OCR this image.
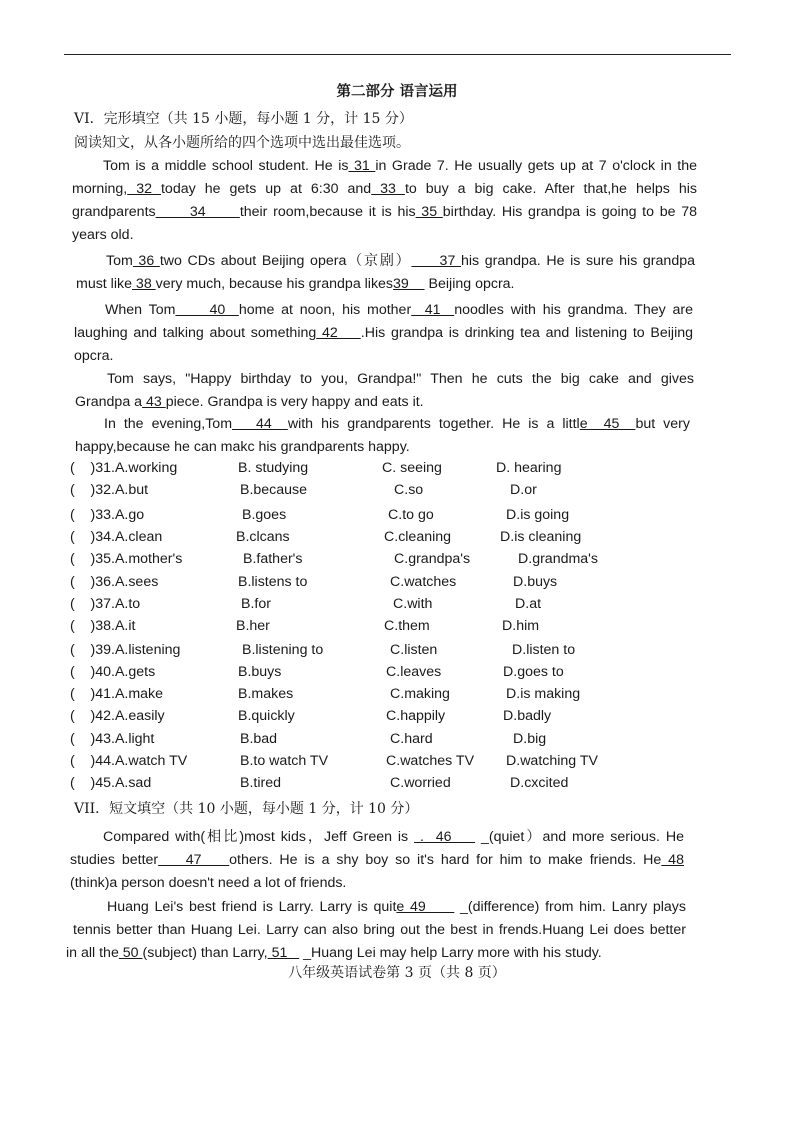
第二部分 语言运用
VI．完形填空（共 15 小题，每小题 1 分，计 15 分）
阅读知文，从各小题所给的四个选项中选出最佳选项。
Tom is a middle school student. He is 31 in Grade 7. He usually gets up at 7 o'clock in the
morning, 32 today he gets up at 6:30 and 33 to buy a big cake. After that,he helps his
grandparents      34      their room,because it is his 35 birthday. His grandpa is going to be 78
years old.
Tom 36 two CDs about Beijing opera（京剧）     37 his grandpa. He is sure his grandpa
must like 38 very much, because his grandpa likes39     Beijing opcra.
When Tom     40  home at noon, his mother  41  noodles with his grandma. They are
laughing and talking about something 42    .His grandpa is drinking tea and listening to Beijing
opcra.
Tom says, "Happy birthday to you, Grandpa!" Then he cuts the big cake and gives
Grandpa a 43 piece. Grandpa is very happy and eats it.
In the evening,Tom   44  with his grandparents together. He is a little  45  but very
happy,because he can makc his grandparents happy.
(    )31.A.working	B. studying	C. seeing	D. hearing
(    )32.A.but	B.because	C.so	D.or
(    )33.A.go	B.goes	C.to go	D.is going
(    )34.A.clean	B.clcans	C.cleaning	D.is cleaning
(    )35.A.mother's	B.father's	C.grandpa's	D.grandma's
(    )36.A.sees	B.listens to	C.watches	D.buys
(    )37.A.to	B.for	C.with	D.at
(    )38.A.it	B.her	C.them	D.him
(    )39.A.listening	B.listening to	C.listen	D.listen to
(    )40.A.gets	B.buys	C.leaves	D.goes to
(    )41.A.make	B.makes	C.making	D.is making
(    )42.A.easily	B.quickly	C.happily	D.badly
(    )43.A.light	B.bad	C.hard	D.big
(    )44.A.watch TV	B.to watch TV	C.watches TV D.watching TV
(    )45.A.sad	B.tired	C.worried	D.cxcited
VII．短文填空（共 10 小题，每小题 1 分，计 10 分）
Compared with(相比)most kids，Jeff Green is  .  46     _(quiet）and more serious. He
studies better    47    others. He is a shy boy so it's hard for him to make friends. He 48
(think)a person doesn't need a lot of friends.
Huang Lei's best friend is Larry. Larry is quite 49      _(difference) from him. Lanry plays
tennis better than Huang Lei. Larry can also bring out the best in frends.Huang Lei does better
in all the 50 (subject) than Larry, 51    _Huang Lei may help Larry more with his study.
八年级英语试卷第 3 页（共 8 页）
